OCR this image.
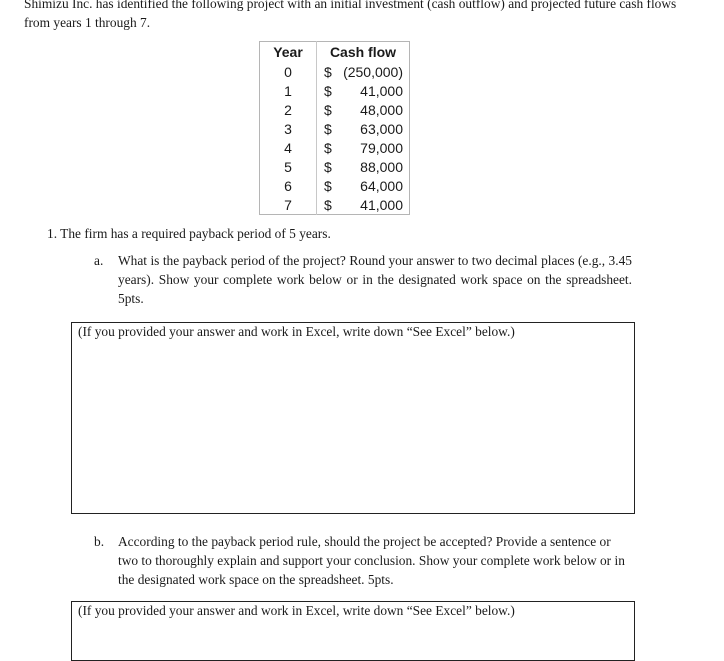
Shimizu Inc. has identified the following project with an initial investment (cash outflow) and projected future cash flows from years 1 through 7.

Year	Cash flow
0	$ (250,000)

1	$ 41,000

2	$ 48,000

3	$ 63,000

4	$ 79,000

5	$ 88,000

6	$ 64,000

7	$ 41,000

1. The firm has a required payback period of 5 years.

a. What is the payback period of the project? Round your answer to two decimal places (e.g., 3.45 years). Show your complete work below or in the designated work space on the spreadsheet. 5pts.
(If you provided your answer and work in Excel, write down “See Excel” below.)
b. According to the payback period rule, should the project be accepted? Provide a sentence or two to thoroughly explain and support your conclusion. Show your complete work below or in the designated work space on the spreadsheet. 5pts.
(If you provided your answer and work in Excel, write down “See Excel” below.)
